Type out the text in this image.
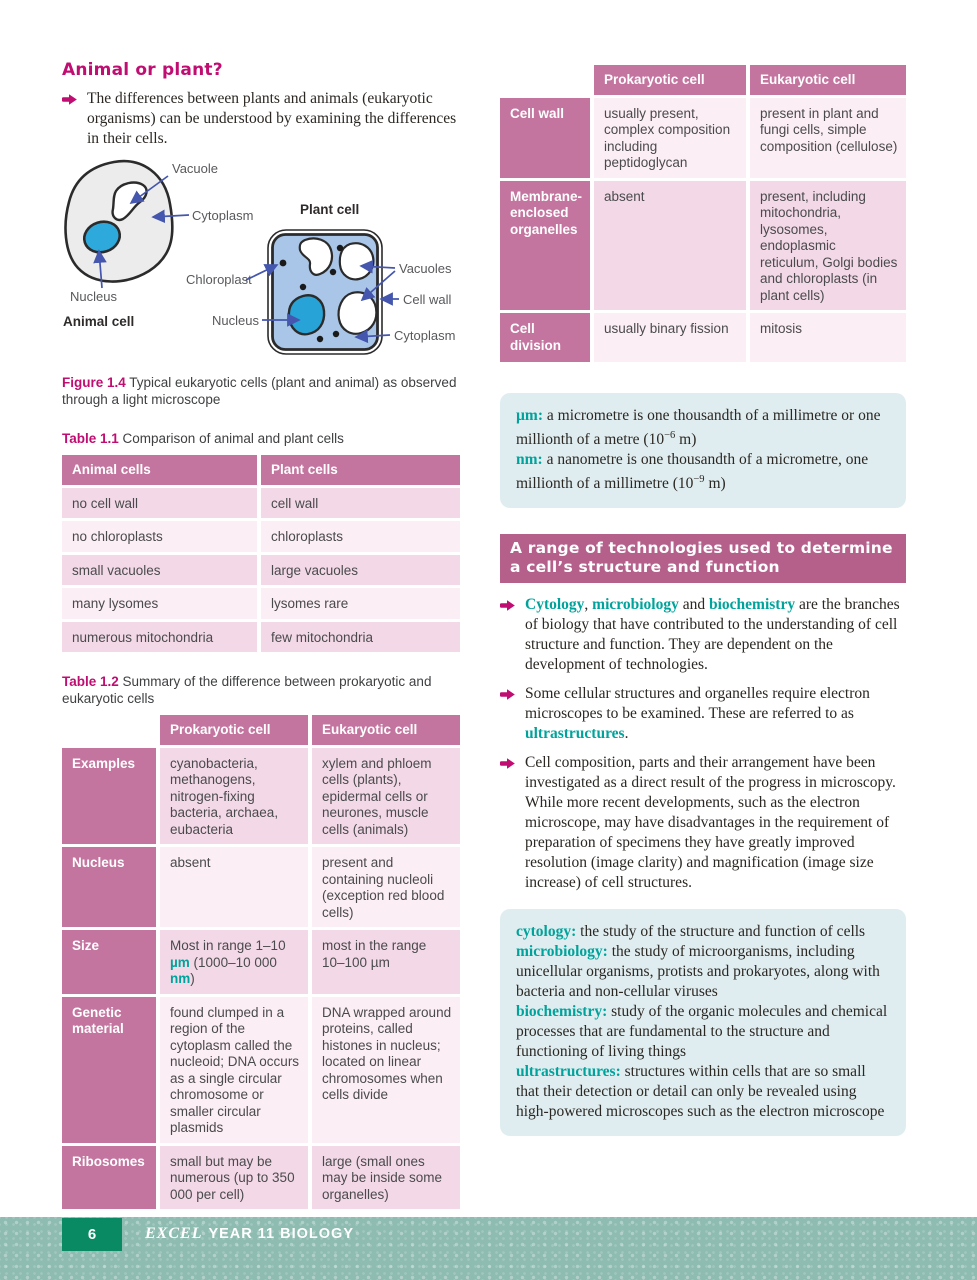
Animal or plant?

The differences between plants and animals (eukaryotic organisms) can be understood by examining the differences in their cells.

Vacuole
Cytoplasm
Nucleus
Animal cell
Plant cell
Chloroplast
Vacuoles
Cell wall
Nucleus
Cytoplasm

Figure 1.4 Typical eukaryotic cells (plant and animal) as observed through a light microscope

Table 1.1 Comparison of animal and plant cells

Animal cells	Plant cells
no cell wall	cell wall
no chloroplasts	chloroplasts
small vacuoles	large vacuoles
many lysomes	lysomes rare
numerous mitochondria	few mitochondria

Table 1.2 Summary of the difference between prokaryotic and eukaryotic cells

	Prokaryotic cell	Eukaryotic cell
Examples	cyanobacteria, methanogens, nitrogen-fixing bacteria, archaea, eubacteria	xylem and phloem cells (plants), epidermal cells or neurones, muscle cells (animals)
Nucleus	absent	present and containing nucleoli (exception red blood cells)
Size	Most in range 1–10 µm (1000–10 000 nm)	most in the range 10–100 µm
Genetic material	found clumped in a region of the cytoplasm called the nucleoid; DNA occurs as a single circular chromosome or smaller circular plasmids	DNA wrapped around proteins, called histones in nucleus; located on linear chromosomes when cells divide
Ribosomes	small but may be numerous (up to 350 000 per cell)	large (small ones may be inside some organelles)
	Prokaryotic cell	Eukaryotic cell
Cell wall	usually present, complex composition including peptidoglycan	present in plant and fungi cells, simple composition (cellulose)
Membrane-enclosed organelles	absent	present, including mitochondria, lysosomes, endoplasmic reticulum, Golgi bodies and chloroplasts (in plant cells)
Cell division	usually binary fission	mitosis

µm: a micrometre is one thousandth of a millimetre or one millionth of a metre ($10^{-6}$ m)

nm: a nanometre is one thousandth of a micrometre, one millionth of a millimetre ($10^{-9}$ m)

A range of technologies used to determine a cell’s structure and function

Cytology, microbiology and biochemistry are the branches of biology that have contributed to the understanding of cell structure and function. They are dependent on the development of technologies.

Some cellular structures and organelles require electron microscopes to be examined. These are referred to as ultrastructures.

Cell composition, parts and their arrangement have been investigated as a direct result of the progress in microscopy. While more recent developments, such as the electron microscope, may have disadvantages in the requirement of preparation of specimens they have greatly improved resolution (image clarity) and magnification (image size increase) of cell structures.

cytology: the study of the structure and function of cells

microbiology: the study of microorganisms, including unicellular organisms, protists and prokaryotes, along with bacteria and non-cellular viruses

biochemistry: study of the organic molecules and chemical processes that are fundamental to the structure and functioning of living things

ultrastructures: structures within cells that are so small that their detection or detail can only be revealed using high-powered microscopes such as the electron microscope

6	EXCEL YEAR 11 BIOLOGY
